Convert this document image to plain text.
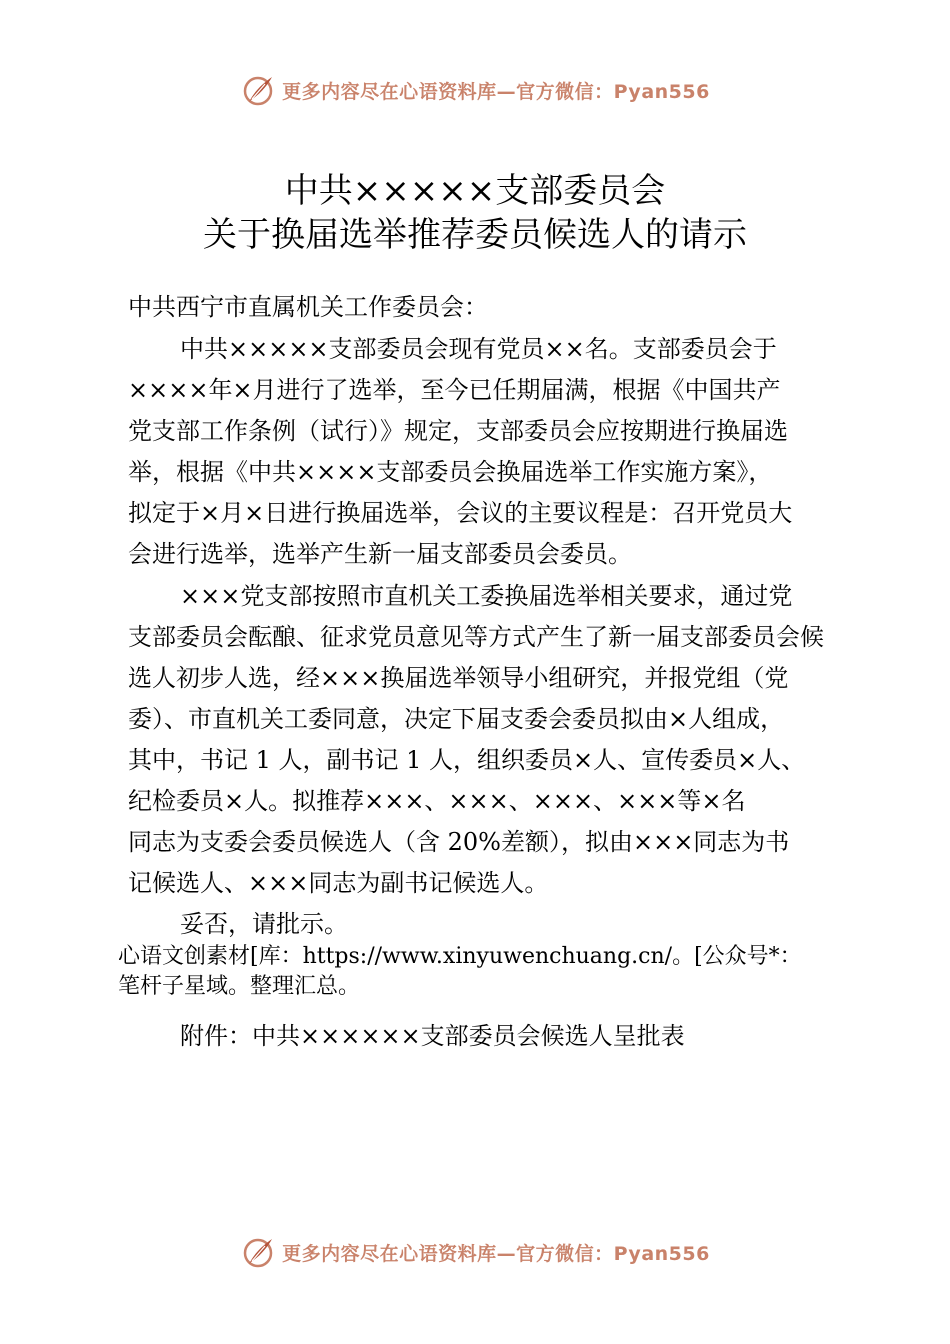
更多内容尽在心语资料库—官方微信：Pyan556
中共×××××支部委员会
关于换届选举推荐委员候选人的请示
中共西宁市直属机关工作委员会：
中共×××××支部委员会现有党员××名。支部委员会于
××××年×月进行了选举，至今已任期届满，根据《中国共产
党支部工作条例（试行）》规定，支部委员会应按期进行换届选
举，根据《中共××××支部委员会换届选举工作实施方案》，
拟定于×月×日进行换届选举，会议的主要议程是：召开党员大
会进行选举，选举产生新一届支部委员会委员。
×××党支部按照市直机关工委换届选举相关要求，通过党
支部委员会酝酿、征求党员意见等方式产生了新一届支部委员会候
选人初步人选，经×××换届选举领导小组研究，并报党组（党
委）、市直机关工委同意，决定下届支委会委员拟由×人组成，
其中，书记 1 人，副书记 1 人，组织委员×人、宣传委员×人、
纪检委员×人。拟推荐×××、×××、×××、×××等×名
同志为支委会委员候选人（含 20%差额），拟由×××同志为书
记候选人、×××同志为副书记候选人。
妥否，请批示。
心语文创素材[库：https://www.xinyuwenchuang.cn/。[公众号*：
笔杆子星域。整理汇总。
附件：中共××××××支部委员会候选人呈批表
更多内容尽在心语资料库—官方微信：Pyan556
